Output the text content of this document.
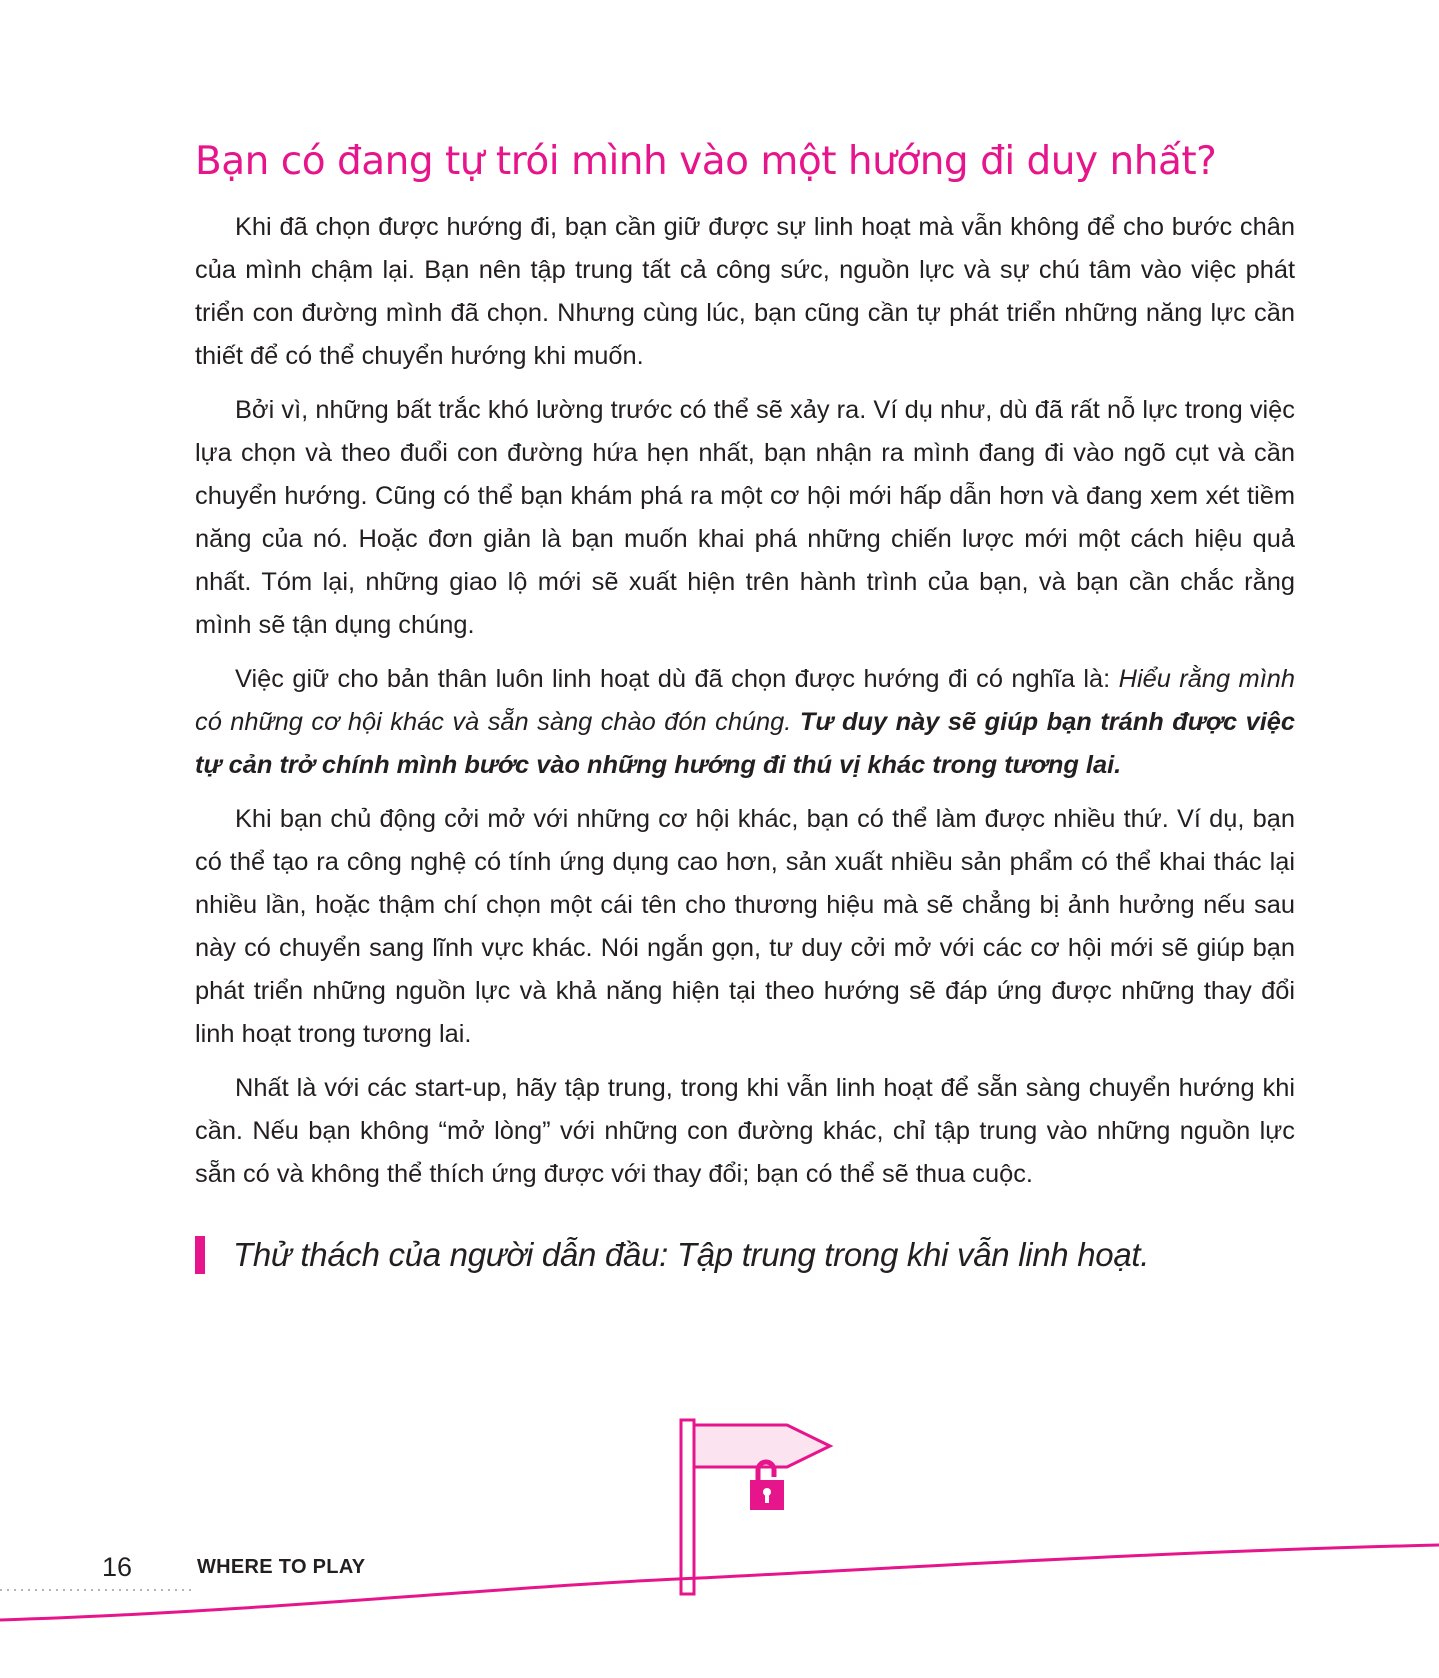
Bạn có đang tự trói mình vào một hướng đi duy nhất?

Khi đã chọn được hướng đi, bạn cần giữ được sự linh hoạt mà vẫn không để cho bước chân của mình chậm lại. Bạn nên tập trung tất cả công sức, nguồn lực và sự chú tâm vào việc phát triển con đường mình đã chọn. Nhưng cùng lúc, bạn cũng cần tự phát triển những năng lực cần thiết để có thể chuyển hướng khi muốn.

Bởi vì, những bất trắc khó lường trước có thể sẽ xảy ra. Ví dụ như, dù đã rất nỗ lực trong việc lựa chọn và theo đuổi con đường hứa hẹn nhất, bạn nhận ra mình đang đi vào ngõ cụt và cần chuyển hướng. Cũng có thể bạn khám phá ra một cơ hội mới hấp dẫn hơn và đang xem xét tiềm năng của nó. Hoặc đơn giản là bạn muốn khai phá những chiến lược mới một cách hiệu quả nhất. Tóm lại, những giao lộ mới sẽ xuất hiện trên hành trình của bạn, và bạn cần chắc rằng mình sẽ tận dụng chúng.

Việc giữ cho bản thân luôn linh hoạt dù đã chọn được hướng đi có nghĩa là: Hiểu rằng mình có những cơ hội khác và sẵn sàng chào đón chúng. Tư duy này sẽ giúp bạn tránh được việc tự cản trở chính mình bước vào những hướng đi thú vị khác trong tương lai.

Khi bạn chủ động cởi mở với những cơ hội khác, bạn có thể làm được nhiều thứ. Ví dụ, bạn có thể tạo ra công nghệ có tính ứng dụng cao hơn, sản xuất nhiều sản phẩm có thể khai thác lại nhiều lần, hoặc thậm chí chọn một cái tên cho thương hiệu mà sẽ chẳng bị ảnh hưởng nếu sau này có chuyển sang lĩnh vực khác. Nói ngắn gọn, tư duy cởi mở với các cơ hội mới sẽ giúp bạn phát triển những nguồn lực và khả năng hiện tại theo hướng sẽ đáp ứng được những thay đổi linh hoạt trong tương lai.

Nhất là với các start-up, hãy tập trung, trong khi vẫn linh hoạt để sẵn sàng chuyển hướng khi cần. Nếu bạn không “mở lòng” với những con đường khác, chỉ tập trung vào những nguồn lực sẵn có và không thể thích ứng được với thay đổi; bạn có thể sẽ thua cuộc.

Thử thách của người dẫn đầu: Tập trung trong khi vẫn linh hoạt.
16	WHERE TO PLAY
